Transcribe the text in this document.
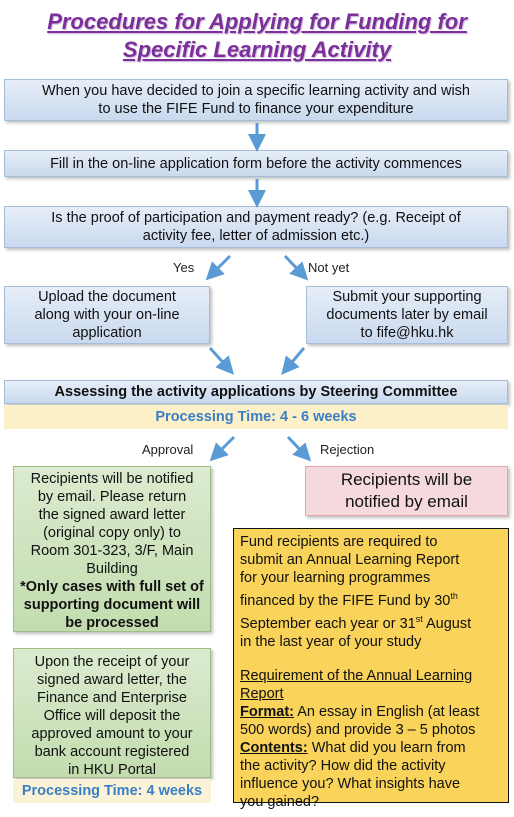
Procedures for Applying for Funding for
Specific Learning Activity
When you have decided to join a specific learning activity and wish
to use the FIFE Fund to finance your expenditure
Fill in the on-line application form before the activity commences
Is the proof of participation and payment ready? (e.g. Receipt of
activity fee, letter of admission etc.)
Yes	Not yet
Upload the document
along with your on-line
application
Submit your supporting
documents later by email
to fife@hku.hk
Assessing the activity applications by Steering Committee
Processing Time: 4 - 6 weeks
Approval	Rejection
Recipients will be notified
by email. Please return
the signed award letter
(original copy only) to
Room 301-323, 3/F, Main
Building
*Only cases with full set of
supporting document will
be processed
Recipients will be
notified by email
Fund recipients are required to
submit an Annual Learning Report
for your learning programmes
financed by the FIFE Fund by 30th
September each year or 31st August
in the last year of your study
Requirement of the Annual Learning
Report
Format: An essay in English (at least
500 words) and provide 3 – 5 photos
Contents: What did you learn from
the activity? How did the activity
influence you? What insights have
you gained?
Upon the receipt of your
signed award letter, the
Finance and Enterprise
Office will deposit the
approved amount to your
bank account registered
in HKU Portal
Processing Time: 4 weeks
